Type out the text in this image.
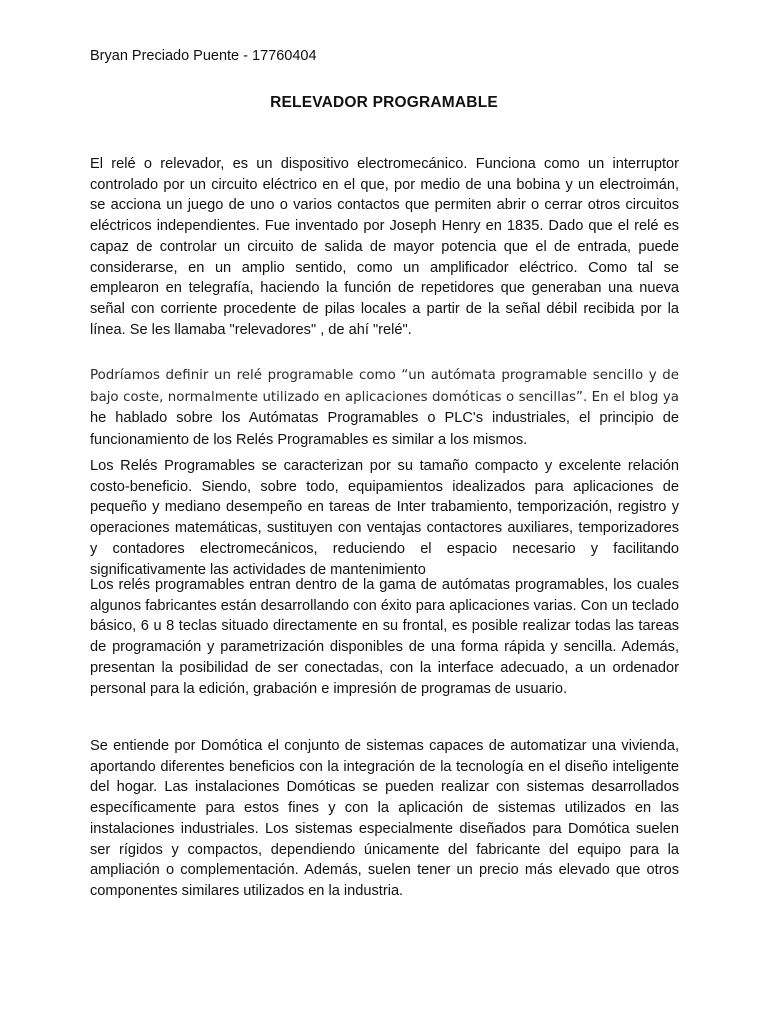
Bryan Preciado Puente - 17760404

RELEVADOR PROGRAMABLE

El relé o relevador, es un dispositivo electromecánico. Funciona como un interruptor controlado por un circuito eléctrico en el que, por medio de una bobina y un electroimán, se acciona un juego de uno o varios contactos que permiten abrir o cerrar otros circuitos eléctricos independientes. Fue inventado por Joseph Henry en 1835. Dado que el relé es capaz de controlar un circuito de salida de mayor potencia que el de entrada, puede considerarse, en un amplio sentido, como un amplificador eléctrico. Como tal se emplearon en telegrafía, haciendo la función de repetidores que generaban una nueva señal con corriente procedente de pilas locales a partir de la señal débil recibida por la línea. Se les llamaba "relevadores" , de ahí "relé".

Podríamos definir un relé programable como “un autómata programable sencillo y de bajo coste, normalmente utilizado en aplicaciones domóticas o sencillas”. En el blog ya he hablado sobre los Autómatas Programables o PLC's industriales, el principio de funcionamiento de los Relés Programables es similar a los mismos.

Los Relés Programables se caracterizan por su tamaño compacto y excelente relación costo-beneficio. Siendo, sobre todo, equipamientos idealizados para aplicaciones de pequeño y mediano desempeño en tareas de Inter trabamiento, temporización, registro y operaciones matemáticas, sustituyen con ventajas contactores auxiliares, temporizadores y contadores electromecánicos, reduciendo el espacio necesario y facilitando significativamente las actividades de mantenimiento

Los relés programables entran dentro de la gama de autómatas programables, los cuales algunos fabricantes están desarrollando con éxito para aplicaciones varias. Con un teclado básico, 6 u 8 teclas situado directamente en su frontal, es posible realizar todas las tareas de programación y parametrización disponibles de una forma rápida y sencilla. Además, presentan la posibilidad de ser conectadas, con la interface adecuado, a un ordenador personal para la edición, grabación e impresión de programas de usuario.

Se entiende por Domótica el conjunto de sistemas capaces de automatizar una vivienda, aportando diferentes beneficios con la integración de la tecnología en el diseño inteligente del hogar. Las instalaciones Domóticas se pueden realizar con sistemas desarrollados específicamente para estos fines y con la aplicación de sistemas utilizados en las instalaciones industriales. Los sistemas especialmente diseñados para Domótica suelen ser rígidos y compactos, dependiendo únicamente del fabricante del equipo para la ampliación o complementación. Además, suelen tener un precio más elevado que otros componentes similares utilizados en la industria.
